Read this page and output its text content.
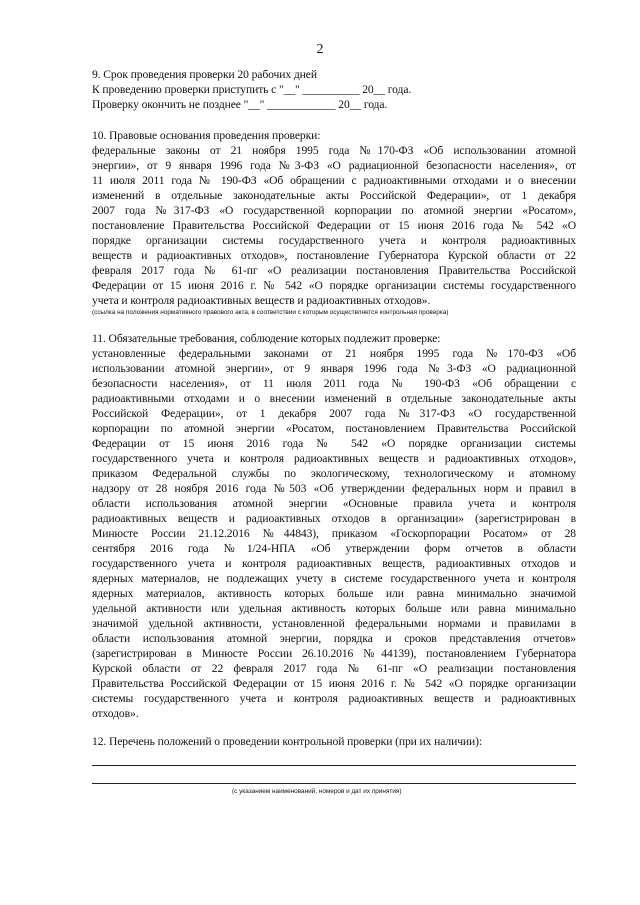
2
9. Срок проведения проверки 20 рабочих дней
К проведению проверки приступить с "__" __________ 20__ года.
Проверку окончить не позднее "__" ____________ 20__ года.
10. Правовые основания проведения проверки:
федеральные законы от 21 ноября 1995 года №170-ФЗ «Об использовании атомной
энергии», от 9 января 1996 года №3-ФЗ «О радиационной безопасности населения», от
11 июля 2011 года № 190-ФЗ «Об обращении с радиоактивными отходами и о внесении
изменений в отдельные законодательные акты Российской Федерации», от 1 декабря
2007 года №317-ФЗ «О государственной корпорации по атомной энергии «Росатом»,
постановление Правительства Российской Федерации от 15 июня 2016 года № 542 «О
порядке организации системы государственного учета и контроля радиоактивных
веществ и радиоактивных отходов», постановление Губернатора Курской области от 22
февраля 2017 года № 61-пг «О реализации постановления Правительства Российской
Федерации от 15 июня 2016 г. № 542 «О порядке организации системы государственного
учета и контроля радиоактивных веществ и радиоактивных отходов».
(ссылка на положения нормативного правового акта, в соответствии с которым осуществляется контрольная проверка)
11. Обязательные требования, соблюдение которых подлежит проверке:
установленные федеральными законами от 21 ноября 1995 года №170-ФЗ «Об
использовании атомной энергии», от 9 января 1996 года №3-ФЗ «О радиационной
безопасности населения», от 11 июля 2011 года № 190-ФЗ «Об обращении с
радиоактивными отходами и о внесении изменений в отдельные законодательные акты
Российской Федерации», от 1 декабря 2007 года №317-ФЗ «О государственной
корпорации по атомной энергии «Росатом, постановлением Правительства Российской
Федерации от 15 июня 2016 года № 542 «О порядке организации системы
государственного учета и контроля радиоактивных веществ и радиоактивных отходов»,
приказом Федеральной службы по экологическому, технологическому и атомному
надзору от 28 ноября 2016 года №503 «Об утверждении федеральных норм и правил в
области использования атомной энергии «Основные правила учета и контроля
радиоактивных веществ и радиоактивных отходов в организации» (зарегистрирован в
Минюсте России 21.12.2016 №44843), приказом «Госкорпорации Росатом» от 28
сентября 2016 года №1/24-НПА «Об утверждении форм отчетов в области
государственного учета и контроля радиоактивных веществ, радиоактивных отходов и
ядерных материалов, не подлежащих учету в системе государственного учета и контроля
ядерных материалов, активность которых больше или равна минимально значимой
удельной активности или удельная активность которых больше или равна минимально
значимой удельной активности, установленной федеральными нормами и правилами в
области использования атомной энергии, порядка и сроков представления отчетов»
(зарегистрирован в Минюсте России 26.10.2016 №44139), постановлением Губернатора
Курской области от 22 февраля 2017 года № 61-пг «О реализации постановления
Правительства Российской Федерации от 15 июня 2016 г. № 542 «О порядке организации
системы государственного учета и контроля радиоактивных веществ и радиоактивных
отходов».
12. Перечень положений о проведении контрольной проверки (при их наличии):
(с указанием наименований, номеров и дат их принятия)
